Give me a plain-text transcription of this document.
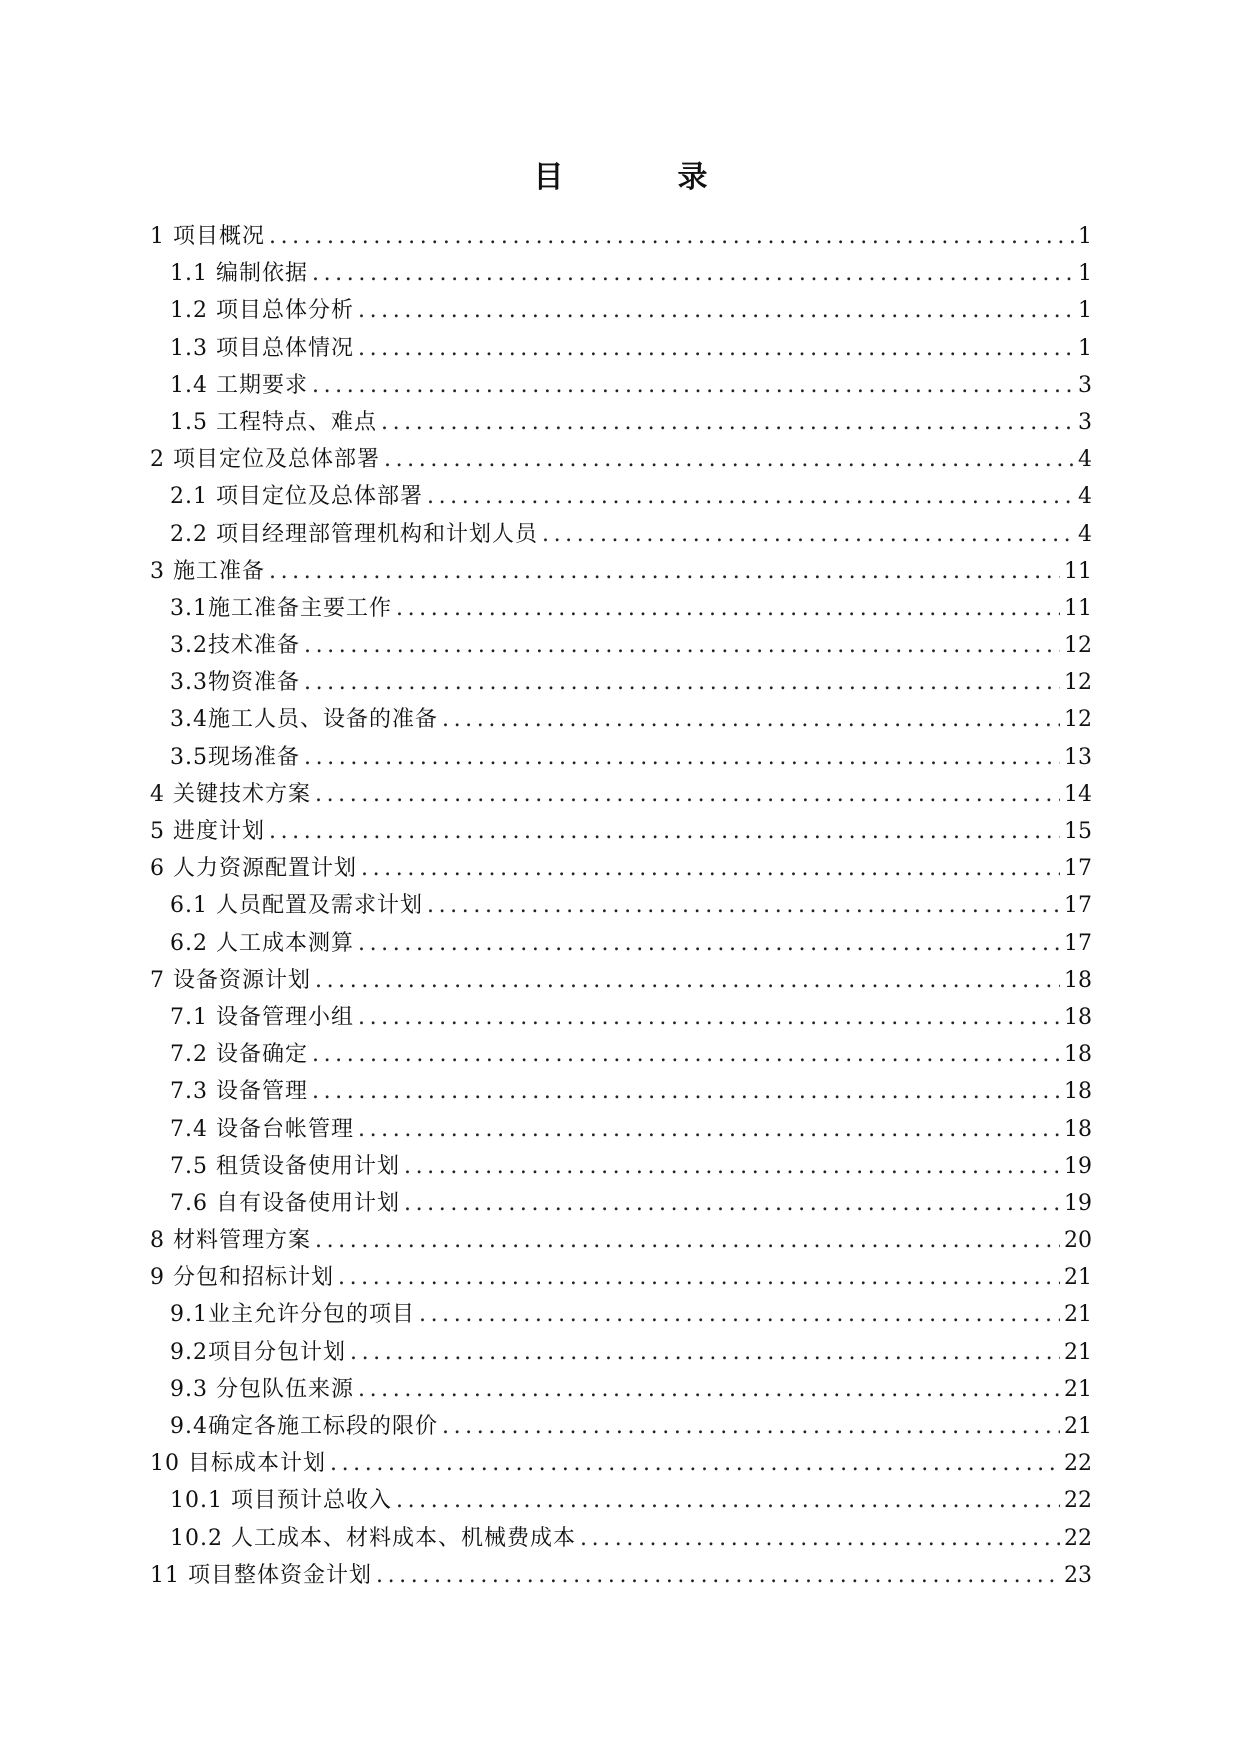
目　录
1 项目概况 .....	1
1.1 编制依据 .....	1
1.2 项目总体分析 .....	1
1.3 项目总体情况 .....	1
1.4 工期要求 .....	3
1.5 工程特点、难点 .....	3
2 项目定位及总体部署 .....	4
2.1 项目定位及总体部署 .....	4
2.2 项目经理部管理机构和计划人员 .....	4
3 施工准备 .....	11
3.1施工准备主要工作 .....	11
3.2技术准备 .....	12
3.3物资准备 .....	12
3.4施工人员、设备的准备 .....	12
3.5现场准备 .....	13
4 关键技术方案 .....	14
5 进度计划 .....	15
6 人力资源配置计划 .....	17
6.1 人员配置及需求计划 .....	17
6.2 人工成本测算 .....	17
7 设备资源计划 .....	18
7.1 设备管理小组 .....	18
7.2 设备确定 .....	18
7.3 设备管理 .....	18
7.4 设备台帐管理 .....	18
7.5 租赁设备使用计划 .....	19
7.6 自有设备使用计划 .....	19
8 材料管理方案 .....	20
9 分包和招标计划 .....	21
9.1业主允许分包的项目 .....	21
9.2项目分包计划 .....	21
9.3 分包队伍来源 .....	21
9.4确定各施工标段的限价 .....	21
10 目标成本计划 .....	22
10.1 项目预计总收入 .....	22
10.2 人工成本、材料成本、机械费成本 .....	22
11 项目整体资金计划 .....	23
